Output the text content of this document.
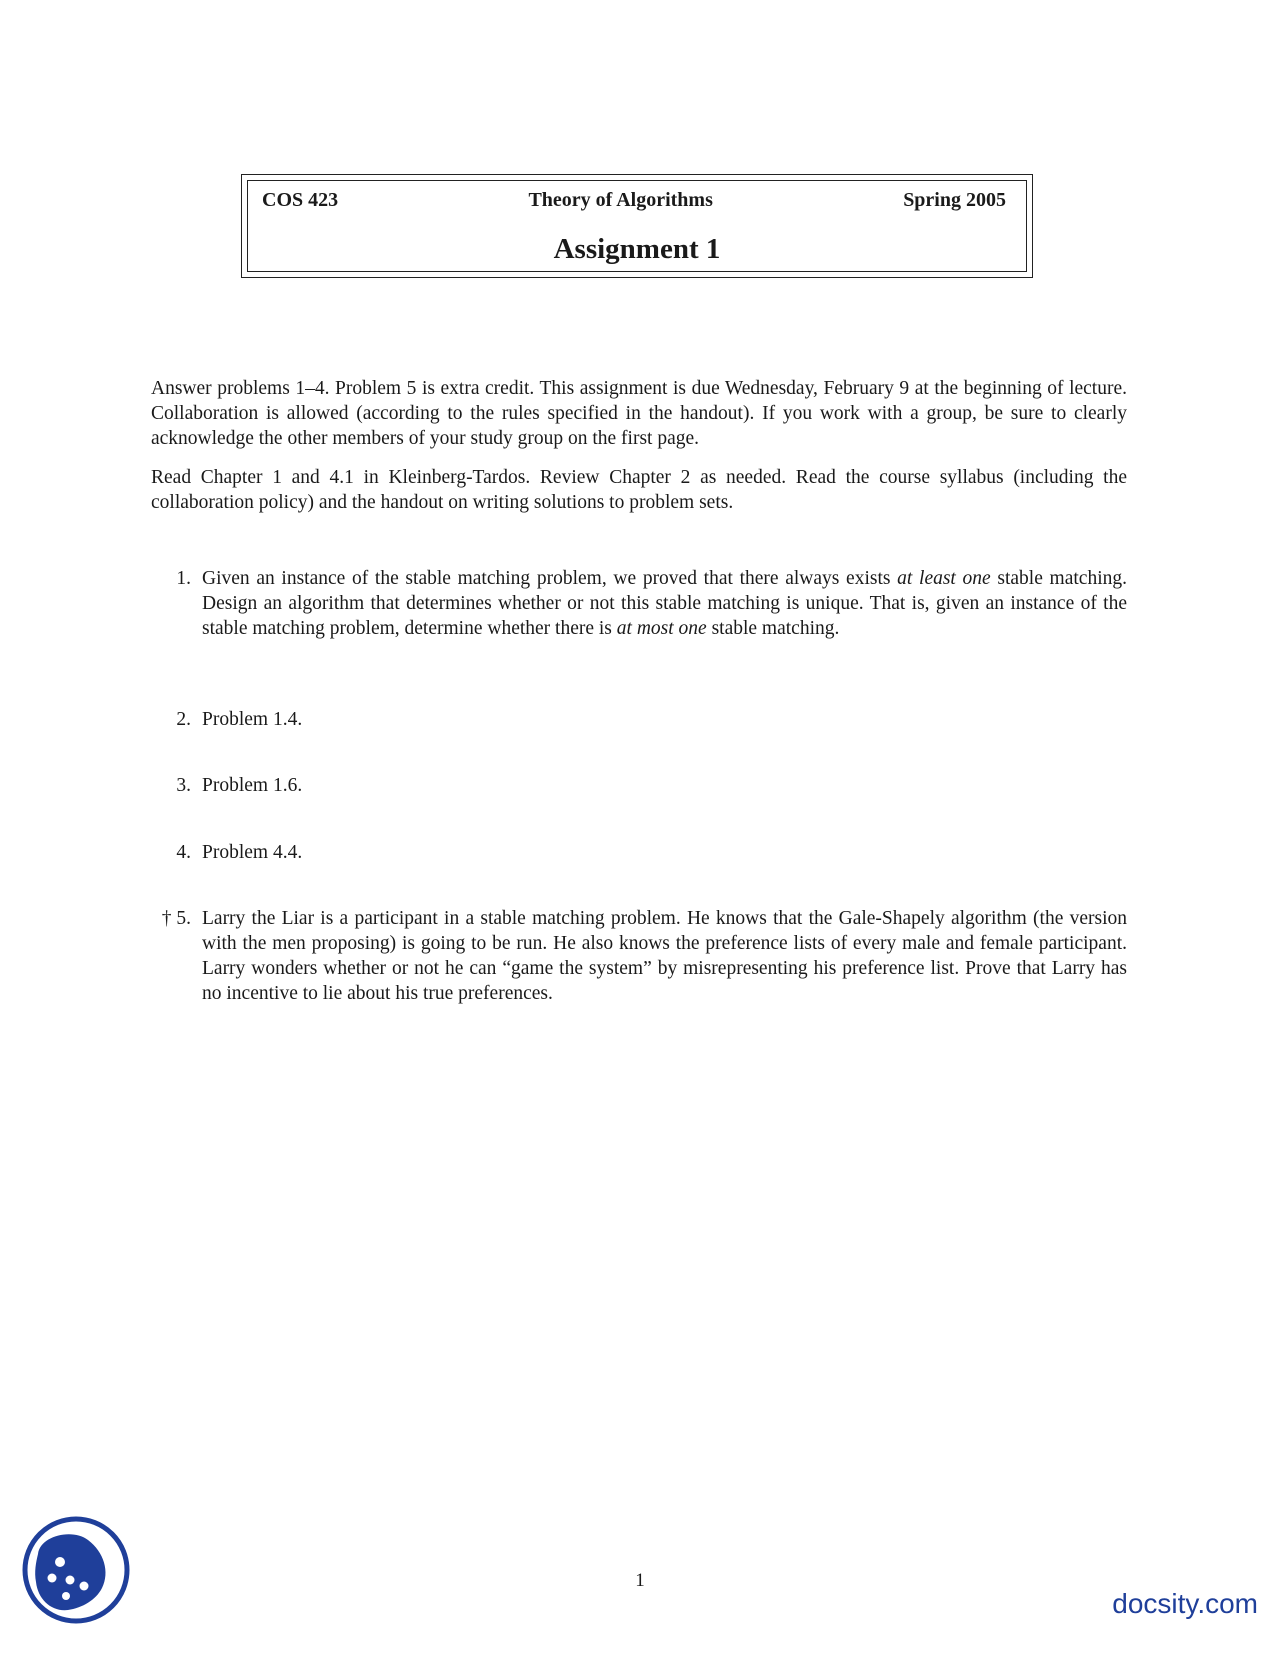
COS 423	Theory of Algorithms	Spring 2005
Assignment 1

Answer problems 1–4. Problem 5 is extra credit. This assignment is due Wednesday, February 9 at the beginning of lecture. Collaboration is allowed (according to the rules specified in the handout). If you work with a group, be sure to clearly acknowledge the other members of your study group on the first page.

Read Chapter 1 and 4.1 in Kleinberg-Tardos. Review Chapter 2 as needed. Read the course syllabus (including the collaboration policy) and the handout on writing solutions to problem sets.

1. Given an instance of the stable matching problem, we proved that there always exists at least one stable matching. Design an algorithm that determines whether or not this stable matching is unique. That is, given an instance of the stable matching problem, determine whether there is at most one stable matching.
2. Problem 1.4.
3. Problem 1.6.
4. Problem 4.4.
† 5. Larry the Liar is a participant in a stable matching problem. He knows that the Gale-Shapely algorithm (the version with the men proposing) is going to be run. He also knows the preference lists of every male and female participant. Larry wonders whether or not he can “game the system” by misrepresenting his preference list. Prove that Larry has no incentive to lie about his true preferences.
1
docsity.com
